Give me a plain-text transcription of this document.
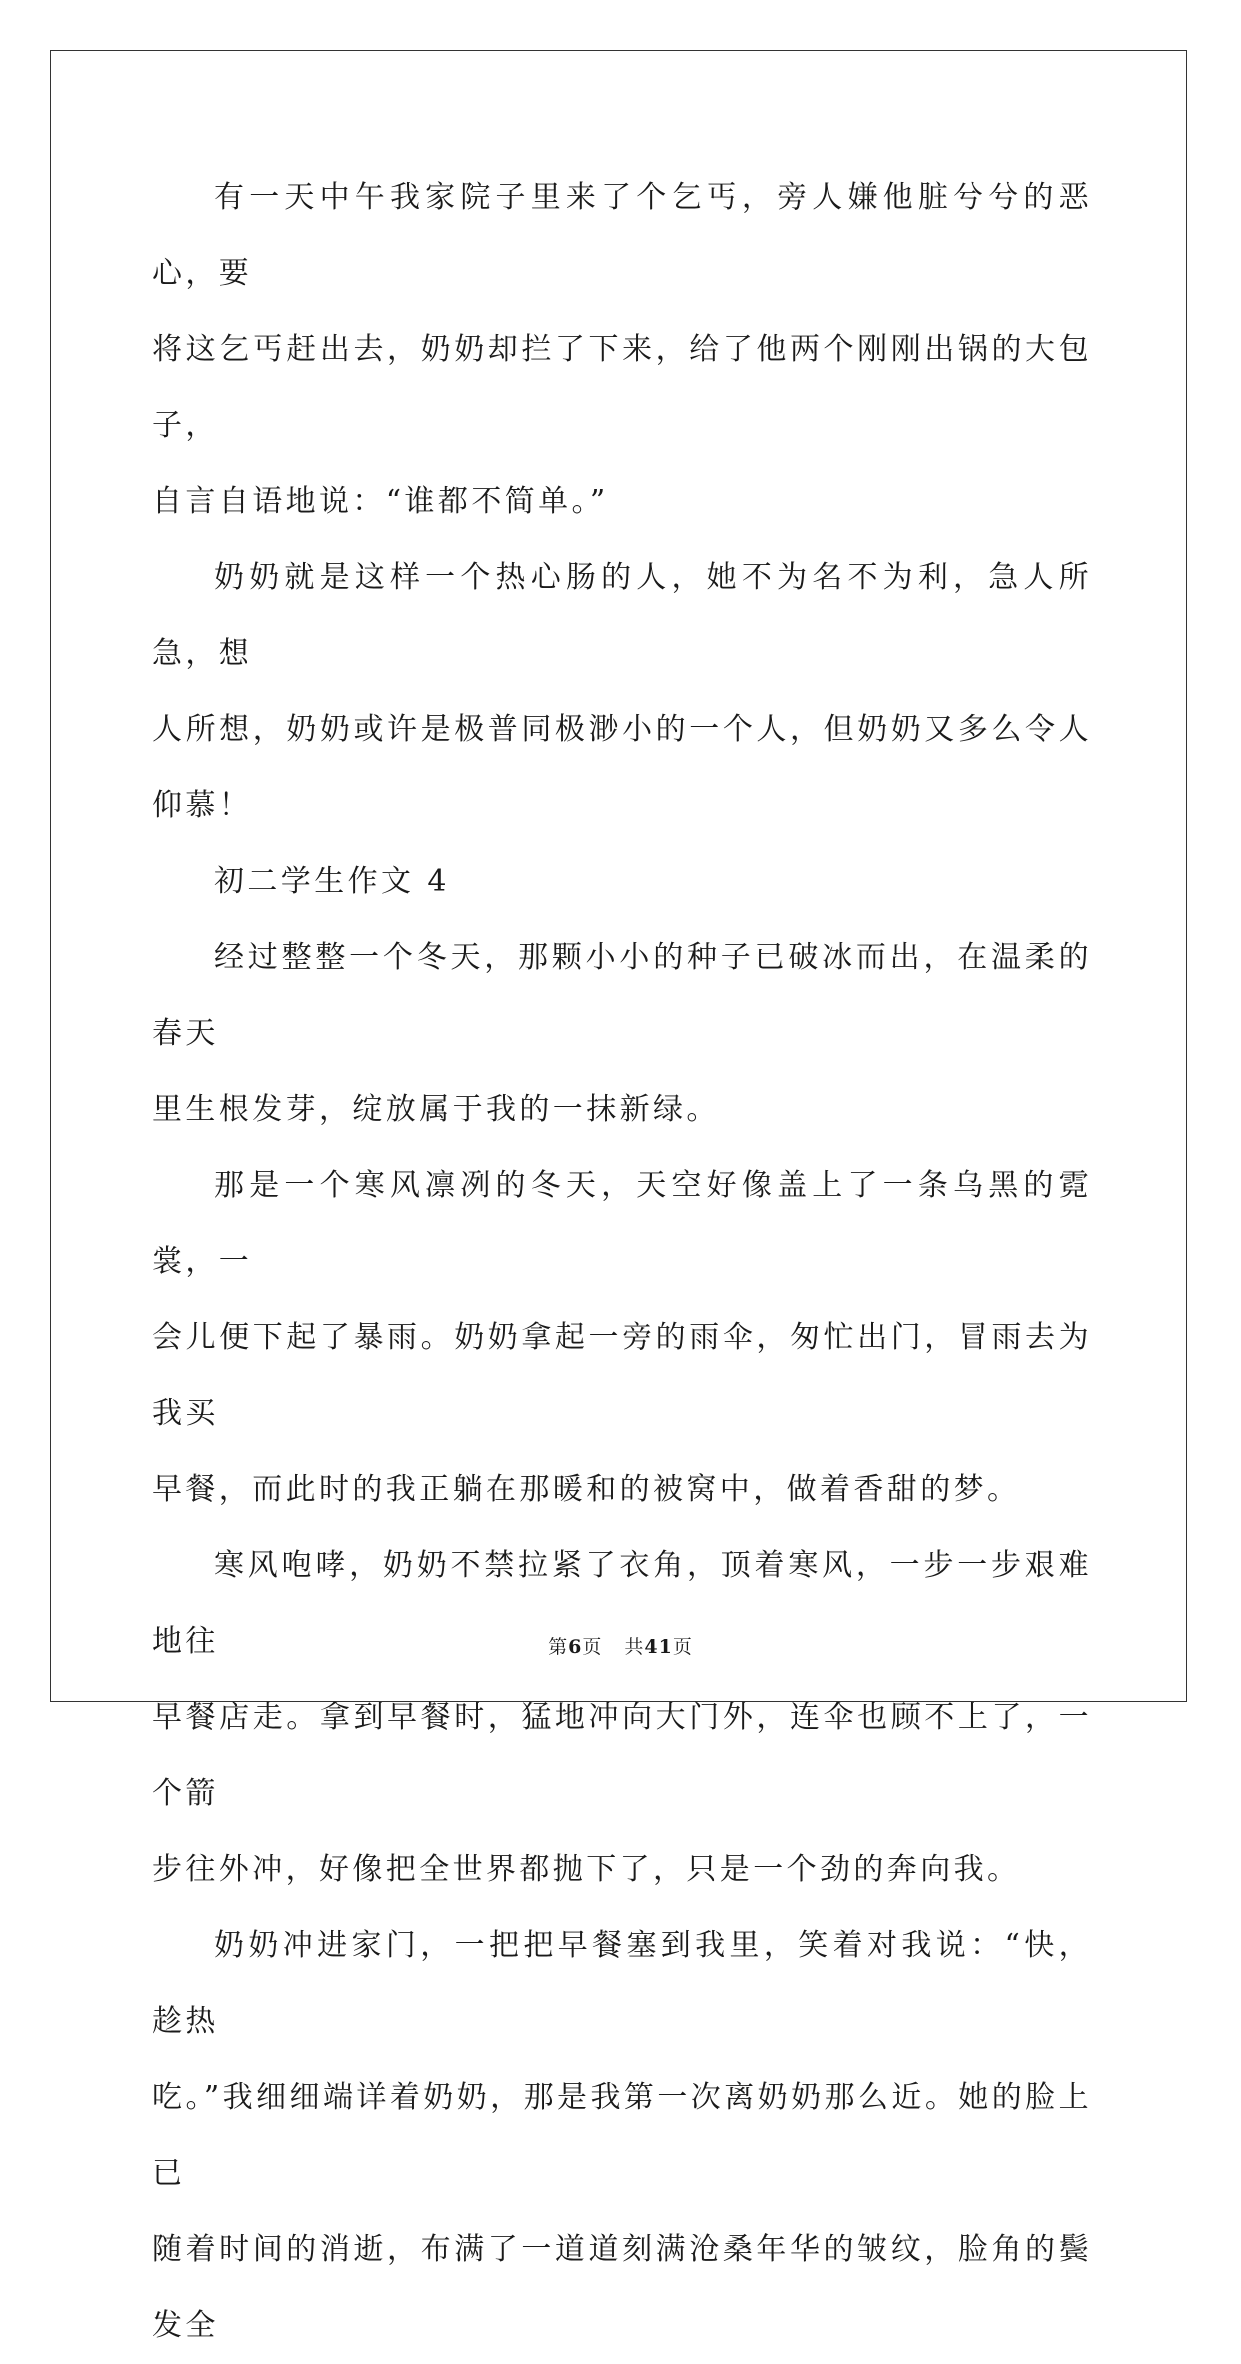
有一天中午我家院子里来了个乞丐，旁人嫌他脏兮兮的恶心，要
将这乞丐赶出去，奶奶却拦了下来，给了他两个刚刚出锅的大包子，
自言自语地说：“谁都不简单。”
奶奶就是这样一个热心肠的人，她不为名不为利，急人所急，想
人所想，奶奶或许是极普同极渺小的一个人，但奶奶又多么令人仰慕！
初二学生作文 4
经过整整一个冬天，那颗小小的种子已破冰而出，在温柔的春天
里生根发芽，绽放属于我的一抹新绿。
那是一个寒风凛冽的冬天，天空好像盖上了一条乌黑的霓裳，一
会儿便下起了暴雨。奶奶拿起一旁的雨伞，匆忙出门，冒雨去为我买
早餐，而此时的我正躺在那暖和的被窝中，做着香甜的梦。
寒风咆哮，奶奶不禁拉紧了衣角，顶着寒风，一步一步艰难地往
早餐店走。拿到早餐时，猛地冲向大门外，连伞也顾不上了，一个箭
步往外冲，好像把全世界都抛下了，只是一个劲的奔向我。
奶奶冲进家门，一把把早餐塞到我里，笑着对我说：“快，趁热
吃。”我细细端详着奶奶，那是我第一次离奶奶那么近。她的脸上已
随着时间的消逝，布满了一道道刻满沧桑年华的皱纹，脸角的鬓发全
第6页 共41页
